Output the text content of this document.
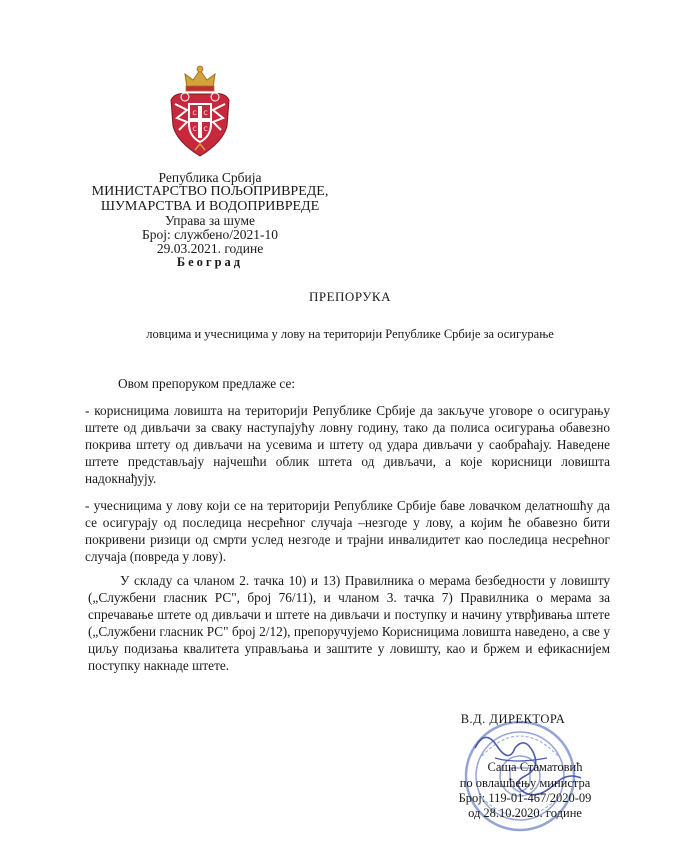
С С
С С
Република Србија
МИНИСТАРСТВО ПОЉОПРИВРЕДЕ, ШУМАРСТВА И ВОДОПРИВРЕДЕ
Управа за шуме
Број: службено/2021-10
29.03.2021. године
Београд
ПРЕПОРУКА
ловцима и учесницима у лову на територији Републике Србије за осигурање
Овом препоруком предлаже се:
- корисницима ловишта на територији Републике Србије да закључе уговоре о осигурању штете од дивљачи за сваку наступајућу ловну годину, тако да полиса осигурања обавезно покрива штету од дивљачи на усевима и штету од удара дивљачи у саобраћају. Наведене штете представљају најчешћи облик штета од дивљачи, а које корисници ловишта надокнађују.
- учесницима у лову који се на територији Републике Србије баве ловачком делатношћу да се осигурају од последица несрећног случаја –незгоде у лову, а којим ће обавезно бити покривени ризици од смрти услед незгоде и трајни инвалидитет као последица несрећног случаја (повреда у лову).
У складу са чланом 2. тачка 10) и 13) Правилника о мерама безбедности у ловишту („Службени гласник РС", број 76/11), и чланом 3. тачка 7) Правилника о мерама за спречавање штете од дивљачи и штете на дивљачи и поступку и начину утврђивања штете („Службени гласник РС" број 2/12), препоручујемо Корисницима ловишта наведено, а све у циљу подизања квалитета управљања и заштите у ловишту, као и бржем и ефикаснијем поступку накнаде штете.
В.Д. ДИРЕКТОРА
Саша Стаматовић
по овлашћењу министра
Број: 119-01-467/2020-09
од 28.10.2020. године
